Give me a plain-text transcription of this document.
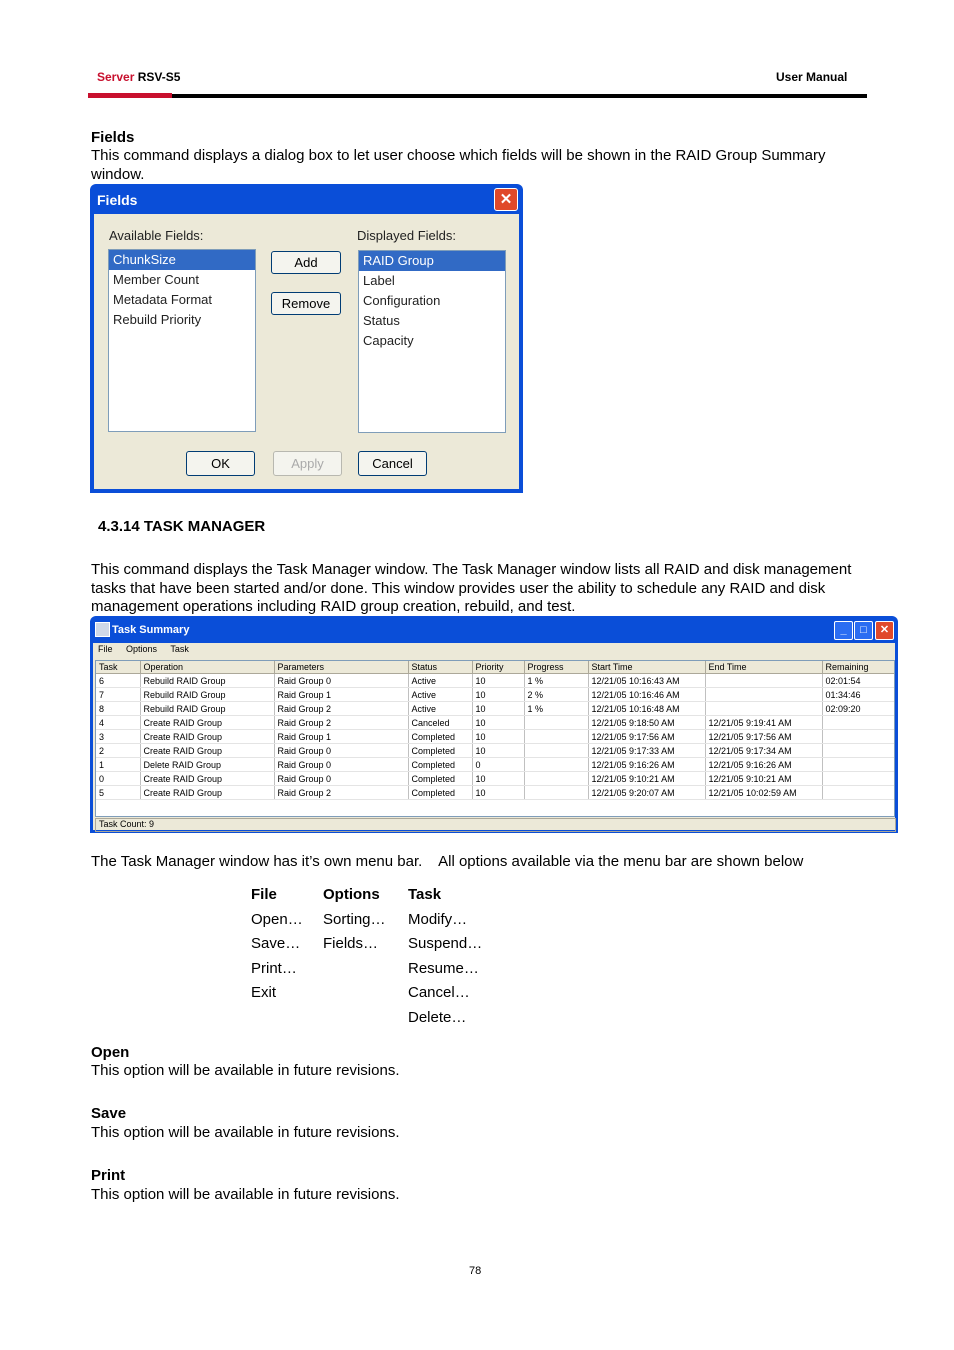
Server RSV-S5	User Manual
Fields
This command displays a dialog box to let user choose which fields will be shown in the RAID Group Summary window.
Fields	✕
Available Fields:	Displayed Fields:
ChunkSize
Member Count
Metadata Format
Rebuild Priority
Add
Remove
RAID Group
Label
Configuration
Status
Capacity
OK	Apply	Cancel
4.3.14 TASK MANAGER
This command displays the Task Manager window. The Task Manager window lists all RAID and disk management tasks that have been started and/or done. This window provides user the ability to schedule any RAID and disk management operations including RAID group creation, rebuild, and test.
Task Summary	_	□	✕
File Options Task
Task	Operation	Parameters	Status	Priority	Progress	Start Time	End Time	Remaining
6	Rebuild RAID Group	Raid Group 0	Active	10	1 %	12/21/05 10:16:43 AM		02:01:54
7	Rebuild RAID Group	Raid Group 1	Active	10	2 %	12/21/05 10:16:46 AM		01:34:46
8	Rebuild RAID Group	Raid Group 2	Active	10	1 %	12/21/05 10:16:48 AM		02:09:20
4	Create RAID Group	Raid Group 2	Canceled	10		12/21/05 9:18:50 AM	12/21/05 9:19:41 AM	
3	Create RAID Group	Raid Group 1	Completed	10		12/21/05 9:17:56 AM	12/21/05 9:17:56 AM	
2	Create RAID Group	Raid Group 0	Completed	10		12/21/05 9:17:33 AM	12/21/05 9:17:34 AM	
1	Delete RAID Group	Raid Group 0	Completed	0		12/21/05 9:16:26 AM	12/21/05 9:16:26 AM	
0	Create RAID Group	Raid Group 0	Completed	10		12/21/05 9:10:21 AM	12/21/05 9:10:21 AM	
5	Create RAID Group	Raid Group 2	Completed	10		12/21/05 9:20:07 AM	12/21/05 10:02:59 AM	
Task Count: 9
The Task Manager window has it’s own menu bar.    All options available via the menu bar are shown below
File
Open…
Save…
Print…
Exit
Options
Sorting…
Fields…
Task
Modify…
Suspend…
Resume…
Cancel…
Delete…
Open
This option will be available in future revisions.
Save
This option will be available in future revisions.
Print
This option will be available in future revisions.
78
